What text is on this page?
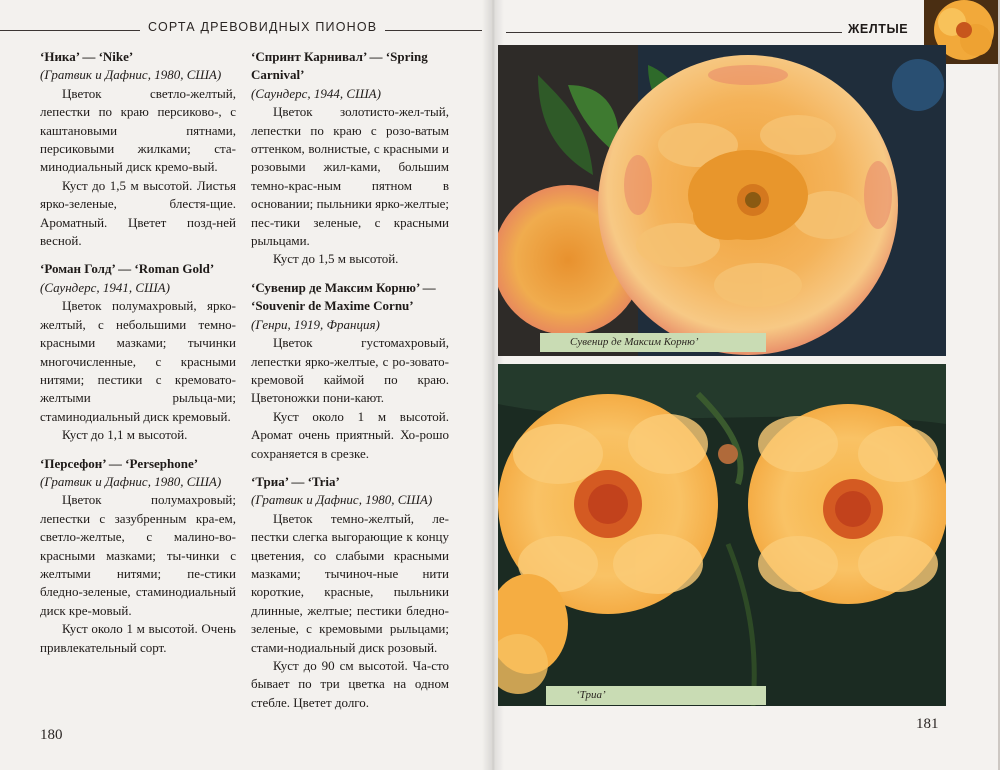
СОРТА ДРЕВОВИДНЫХ ПИОНОВ
‘Ника’ — ‘Nike’
(Гратвик и Дафнис, 1980, США)

Цветок светло-желтый, лепестки по краю персиково-, с каштановыми пятнами, персиковыми жилками; ста-минодиальный диск кремо-вый.

Куст до 1,5 м высотой. Листья ярко-зеленые, блестя-щие. Ароматный. Цветет позд-ней весной.

‘Роман Голд’ — ‘Roman Gold’
(Саундерс, 1941, США)

Цветок полумахровый, ярко-желтый, с небольшими темно-красными мазками; тычинки многочисленные, с красными нитями; пестики с кремовато-желтыми рыльца-ми; стаминодиальный диск кремовый.

Куст до 1,1 м высотой.

‘Персефон’ — ‘Persephone’
(Гратвик и Дафнис, 1980, США)

Цветок полумахровый; лепестки с зазубренным кра-ем, светло-желтые, с малино-во-красными мазками; ты-чинки с желтыми нитями; пе-стики бледно-зеленые, стаминодиальный диск кре-мовый.

Куст около 1 м высотой. Очень привлекательный сорт.

‘Спринт Карнивал’ — ‘Spring Carnival’
(Саундерс, 1944, США)

Цветок золотисто-жел-тый, лепестки по краю с розо-ватым оттенком, волнистые, с красными и розовыми жил-ками, большим темно-крас-ным пятном в основании; пыльники ярко-желтые; пес-тики зеленые, с красными рыльцами.

Куст до 1,5 м высотой.

‘Сувенир де Максим Корню’ — ‘Souvenir de Maxime Cornu’
(Генри, 1919, Франция)

Цветок густомахровый, лепестки ярко-желтые, с ро-зовато-кремовой каймой по краю. Цветоножки пони-кают.

Куст около 1 м высотой. Аромат очень приятный. Хо-рошо сохраняется в срезке.

‘Триа’ — ‘Tria’
(Гратвик и Дафнис, 1980, США)

Цветок темно-желтый, ле-пестки слегка выгорающие к концу цветения, со слабыми красными мазками; тычиноч-ные нити короткие, красные, пыльники длинные, желтые; пестики бледно-зеленые, с кремовыми рыльцами; стами-нодиальный диск розовый.

Куст до 90 см высотой. Ча-сто бывает по три цветка на одном стебле. Цветет долго.

180
ЖЕЛТЫЕ
Сувенир де Максим Корню’
‘Триа’
181
